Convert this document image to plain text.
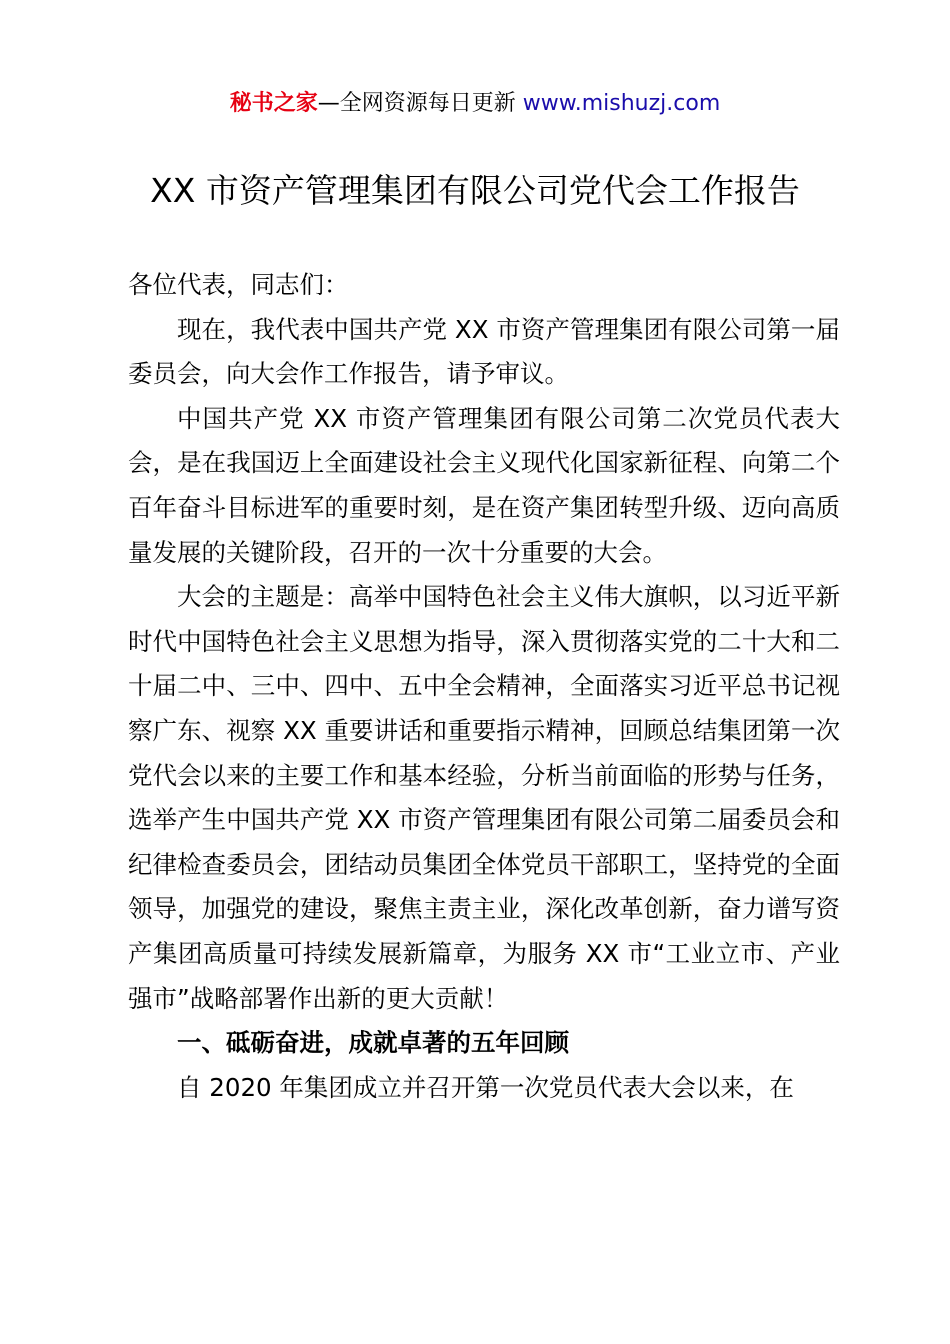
秘书之家—全网资源每日更新 www.mishuzj.com
XX 市资产管理集团有限公司党代会工作报告

各位代表，同志们：

现在，我代表中国共产党 XX 市资产管理集团有限公司第一届委员会，向大会作工作报告，请予审议。

中国共产党 XX 市资产管理集团有限公司第二次党员代表大会，是在我国迈上全面建设社会主义现代化国家新征程、向第二个百年奋斗目标进军的重要时刻，是在资产集团转型升级、迈向高质量发展的关键阶段，召开的一次十分重要的大会。

大会的主题是：高举中国特色社会主义伟大旗帜，以习近平新时代中国特色社会主义思想为指导，深入贯彻落实党的二十大和二十届二中、三中、四中、五中全会精神，全面落实习近平总书记视察广东、视察 XX 重要讲话和重要指示精神，回顾总结集团第一次党代会以来的主要工作和基本经验，分析当前面临的形势与任务，选举产生中国共产党 XX 市资产管理集团有限公司第二届委员会和纪律检查委员会，团结动员集团全体党员干部职工，坚持党的全面领导，加强党的建设，聚焦主责主业，深化改革创新，奋力谱写资产集团高质量可持续发展新篇章，为服务 XX 市“工业立市、产业强市”战略部署作出新的更大贡献！

一、砥砺奋进，成就卓著的五年回顾

自 2020 年集团成立并召开第一次党员代表大会以来，在
